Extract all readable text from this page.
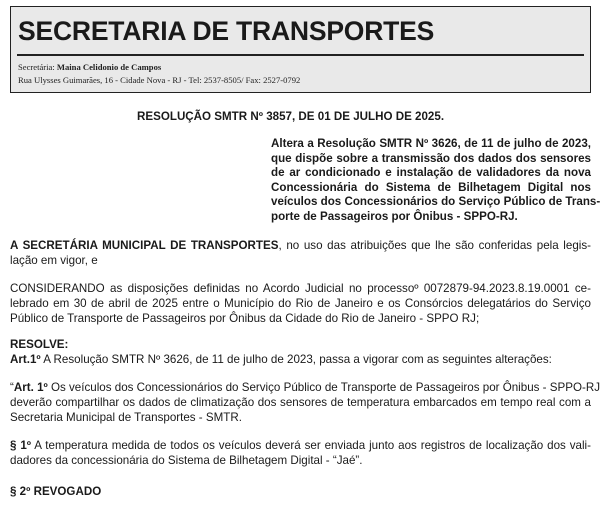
SECRETARIA DE TRANSPORTES
Secretária: Maina Celidonio de Campos
Rua Ulysses Guimarães, 16 - Cidade Nova - RJ - Tel: 2537-8505/ Fax: 2527-0792
RESOLUÇÃO SMTR Nº 3857, DE 01 DE JULHO DE 2025.
Altera a Resolução SMTR Nº 3626, de 11 de julho de 2023,
que dispõe sobre a transmissão dos dados dos sensores
de ar condicionado e instalação de validadores da nova
Concessionária do Sistema de Bilhetagem Digital nos
veículos dos Concessionários do Serviço Público de Trans-
porte de Passageiros por Ônibus - SPPO-RJ.
A SECRETÁRIA MUNICIPAL DE TRANSPORTES, no uso das atribuições que lhe são conferidas pela legis-
lação em vigor, e
CONSIDERANDO as disposições definidas no Acordo Judicial no processoº 0072879-94.2023.8.19.0001 ce-
lebrado em 30 de abril de 2025 entre o Município do Rio de Janeiro e os Consórcios delegatários do Serviço
Público de Transporte de Passageiros por Ônibus da Cidade do Rio de Janeiro - SPPO RJ;
RESOLVE:
Art.1º A Resolução SMTR Nº 3626, de 11 de julho de 2023, passa a vigorar com as seguintes alterações:
“Art. 1º Os veículos dos Concessionários do Serviço Público de Transporte de Passageiros por Ônibus - SPPO-RJ
deverão compartilhar os dados de climatização dos sensores de temperatura embarcados em tempo real com a
Secretaria Municipal de Transportes - SMTR.
§ 1º A temperatura medida de todos os veículos deverá ser enviada junto aos registros de localização dos vali-
dadores da concessionária do Sistema de Bilhetagem Digital - “Jaé”.
§ 2º REVOGADO
